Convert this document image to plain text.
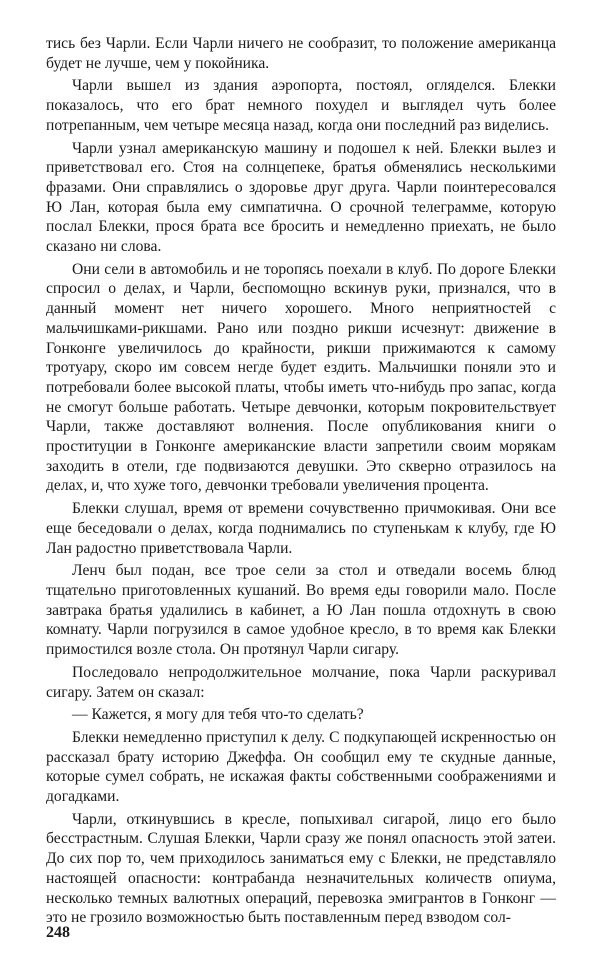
тись без Чарли. Если Чарли ничего не сообразит, то положение американца будет не лучше, чем у покойника.

Чарли вышел из здания аэропорта, постоял, огляделся. Блекки показалось, что его брат немного похудел и выглядел чуть более потрепанным, чем четыре месяца назад, когда они последний раз виделись.

Чарли узнал американскую машину и подошел к ней. Блекки вылез и приветствовал его. Стоя на солнцепеке, братья обменялись несколькими фразами. Они справлялись о здоровье друг друга. Чарли поинтересовался Ю Лан, которая была ему симпатична. О срочной телеграмме, которую послал Блекки, прося брата все бросить и немедленно приехать, не было сказано ни слова.

Они сели в автомобиль и не торопясь поехали в клуб. По дороге Блекки спросил о делах, и Чарли, беспомощно вскинув руки, признался, что в данный момент нет ничего хорошего. Много неприятностей с мальчишками-рикшами. Рано или поздно рикши исчезнут: движение в Гонконге увеличилось до крайности, рикши прижимаются к самому тротуару, скоро им совсем негде будет ездить. Мальчишки поняли это и потребовали более высокой платы, чтобы иметь что-нибудь про запас, когда не смогут больше работать. Четыре девчонки, которым покровительствует Чарли, также доставляют волнения. После опубликования книги о проституции в Гонконге американские власти запретили своим морякам заходить в отели, где подвизаются девушки. Это скверно отразилось на делах, и, что хуже того, девчонки требовали увеличения процента.

Блекки слушал, время от времени сочувственно причмокивая. Они все еще беседовали о делах, когда поднимались по ступенькам к клубу, где Ю Лан радостно приветствовала Чарли.

Ленч был подан, все трое сели за стол и отведали восемь блюд тщательно приготовленных кушаний. Во время еды говорили мало. После завтрака братья удалились в кабинет, а Ю Лан пошла отдохнуть в свою комнату. Чарли погрузился в самое удобное кресло, в то время как Блекки примостился возле стола. Он протянул Чарли сигару.

Последовало непродолжительное молчание, пока Чарли раскуривал сигару. Затем он сказал:

— Кажется, я могу для тебя что-то сделать?

Блекки немедленно приступил к делу. С подкупающей искренностью он рассказал брату историю Джеффа. Он сообщил ему те скудные данные, которые сумел собрать, не искажая факты собственными соображениями и догадками.

Чарли, откинувшись в кресле, попыхивал сигарой, лицо его было бесстрастным. Слушая Блекки, Чарли сразу же понял опасность этой затеи. До сих пор то, чем приходилось заниматься ему с Блекки, не представляло настоящей опасности: контрабанда незначительных количеств опиума, несколько темных валютных операций, перевозка эмигрантов в Гонконг — это не грозило возможностью быть поставленным перед взводом сол-

248
